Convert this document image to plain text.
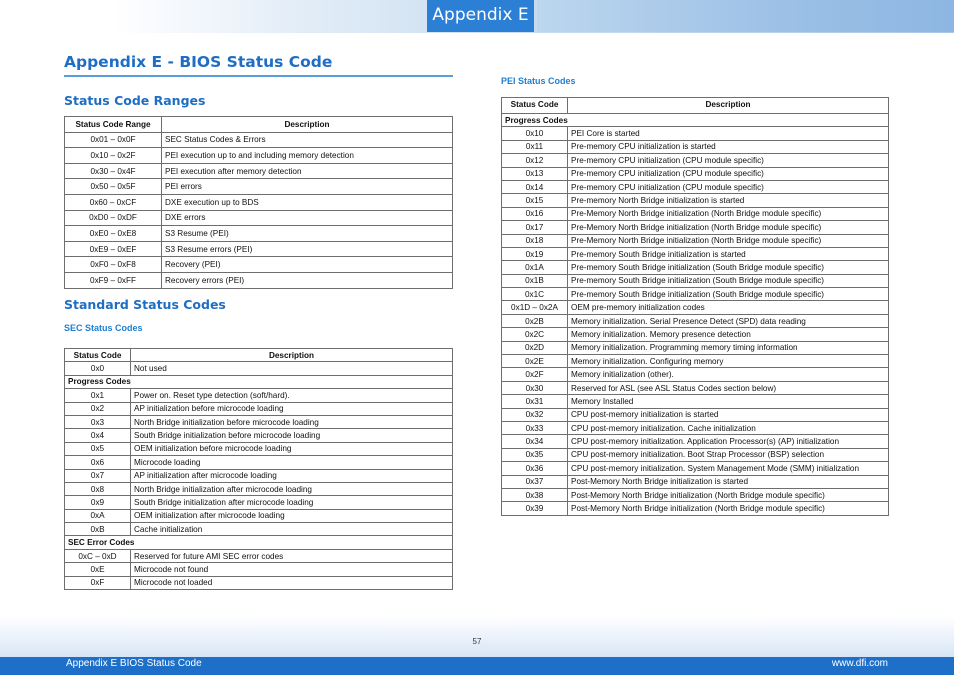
Appendix E
Appendix E - BIOS Status Code
Status Code Ranges
Status Code Range	Description
0x01 – 0x0F	SEC Status Codes & Errors
0x10 – 0x2F	PEI execution up to and including memory detection
0x30 – 0x4F	PEI execution after memory detection
0x50 – 0x5F	PEI errors
0x60 – 0xCF	DXE execution up to BDS
0xD0 – 0xDF	DXE errors
0xE0 – 0xE8	S3 Resume (PEI)
0xE9 – 0xEF	S3 Resume errors (PEI)
0xF0 – 0xF8	Recovery (PEI)
0xF9 – 0xFF	Recovery errors (PEI)
Standard Status Codes
SEC Status Codes
Status Code	Description
0x0	Not used
Progress Codes	
0x1	Power on. Reset type detection (soft/hard).
0x2	AP initialization before microcode loading
0x3	North Bridge initialization before microcode loading
0x4	South Bridge initialization before microcode loading
0x5	OEM initialization before microcode loading
0x6	Microcode loading
0x7	AP initialization after microcode loading
0x8	North Bridge initialization after microcode loading
0x9	South Bridge initialization after microcode loading
0xA	OEM initialization after microcode loading
0xB	Cache initialization
SEC Error Codes	
0xC – 0xD	Reserved for future AMI SEC error codes
0xE	Microcode not found
0xF	Microcode not loaded
PEI Status Codes
Status Code	Description
Progress Codes	
0x10	PEI Core is started
0x11	Pre-memory CPU initialization is started
0x12	Pre-memory CPU initialization (CPU module specific)
0x13	Pre-memory CPU initialization (CPU module specific)
0x14	Pre-memory CPU initialization (CPU module specific)
0x15	Pre-memory North Bridge initialization is started
0x16	Pre-Memory North Bridge initialization (North Bridge module specific)
0x17	Pre-Memory North Bridge initialization (North Bridge module specific)
0x18	Pre-Memory North Bridge initialization (North Bridge module specific)
0x19	Pre-memory South Bridge initialization is started
0x1A	Pre-memory South Bridge initialization (South Bridge module specific)
0x1B	Pre-memory South Bridge initialization (South Bridge module specific)
0x1C	Pre-memory South Bridge initialization (South Bridge module specific)
0x1D – 0x2A	OEM pre-memory initialization codes
0x2B	Memory initialization. Serial Presence Detect (SPD) data reading
0x2C	Memory initialization. Memory presence detection
0x2D	Memory initialization. Programming memory timing information
0x2E	Memory initialization. Configuring memory
0x2F	Memory initialization (other).
0x30	Reserved for ASL (see ASL Status Codes section below)
0x31	Memory Installed
0x32	CPU post-memory initialization is started
0x33	CPU post-memory initialization. Cache initialization
0x34	CPU post-memory initialization. Application Processor(s) (AP) initialization
0x35	CPU post-memory initialization. Boot Strap Processor (BSP) selection
0x36	CPU post-memory initialization. System Management Mode (SMM) initialization
0x37	Post-Memory North Bridge initialization is started
0x38	Post-Memory North Bridge initialization (North Bridge module specific)
0x39	Post-Memory North Bridge initialization (North Bridge module specific)
57
Appendix E BIOS Status Code	www.dfi.com
